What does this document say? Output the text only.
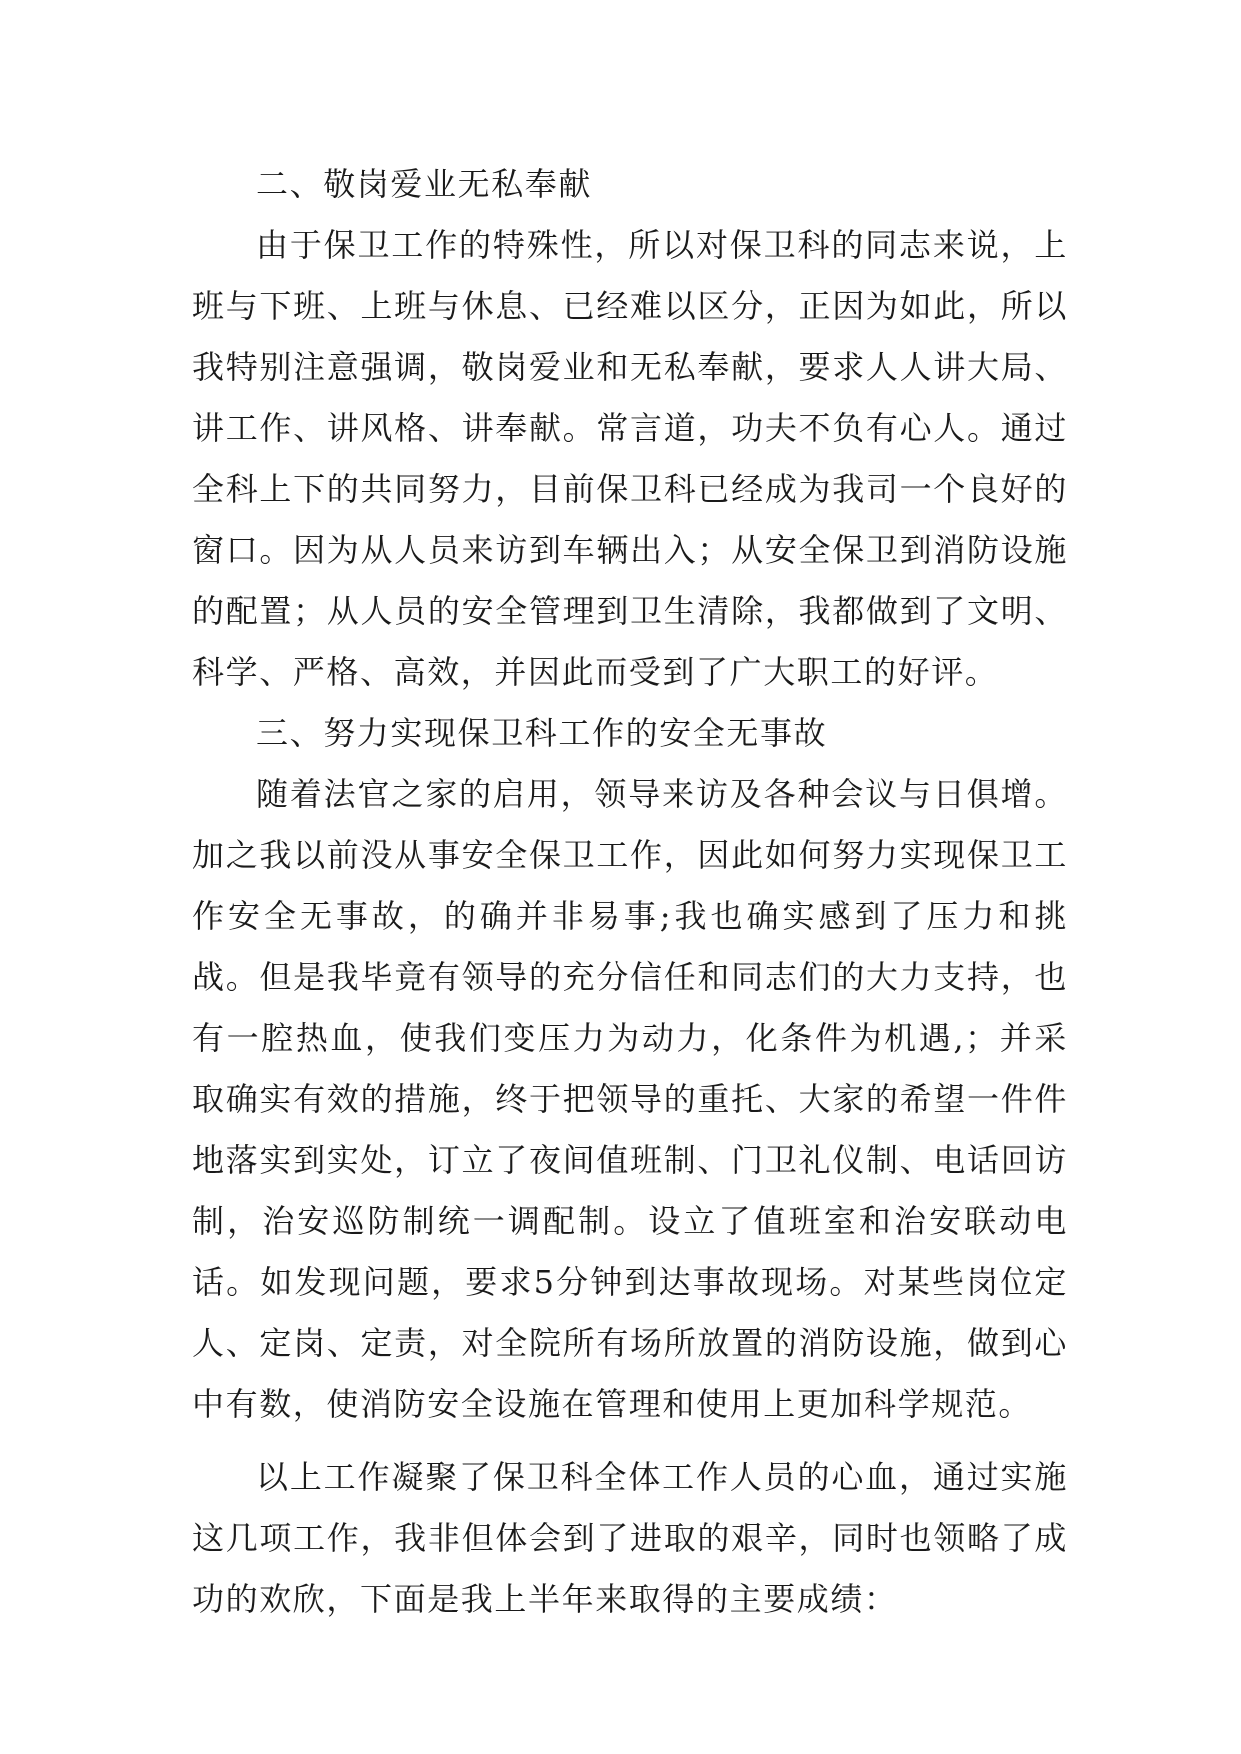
二、敬岗爱业无私奉献

由于保卫工作的特殊性，所以对保卫科的同志来说，上班与下班、上班与休息、已经难以区分，正因为如此，所以我特别注意强调，敬岗爱业和无私奉献，要求人人讲大局、讲工作、讲风格、讲奉献。常言道，功夫不负有心人。通过全科上下的共同努力，目前保卫科已经成为我司一个良好的窗口。因为从人员来访到车辆出入；从安全保卫到消防设施的配置；从人员的安全管理到卫生清除，我都做到了文明、科学、严格、高效，并因此而受到了广大职工的好评。

三、努力实现保卫科工作的安全无事故

随着法官之家的启用，领导来访及各种会议与日俱增。加之我以前没从事安全保卫工作，因此如何努力实现保卫工作安全无事故，的确并非易事;我也确实感到了压力和挑战。但是我毕竟有领导的充分信任和同志们的大力支持，也有一腔热血，使我们变压力为动力，化条件为机遇,；并采取确实有效的措施，终于把领导的重托、大家的希望一件件地落实到实处，订立了夜间值班制、门卫礼仪制、电话回访制，治安巡防制统一调配制。设立了值班室和治安联动电话。如发现问题，要求5分钟到达事故现场。对某些岗位定人、定岗、定责，对全院所有场所放置的消防设施，做到心中有数，使消防安全设施在管理和使用上更加科学规范。

以上工作凝聚了保卫科全体工作人员的心血，通过实施这几项工作，我非但体会到了进取的艰辛，同时也领略了成功的欢欣，下面是我上半年来取得的主要成绩：
